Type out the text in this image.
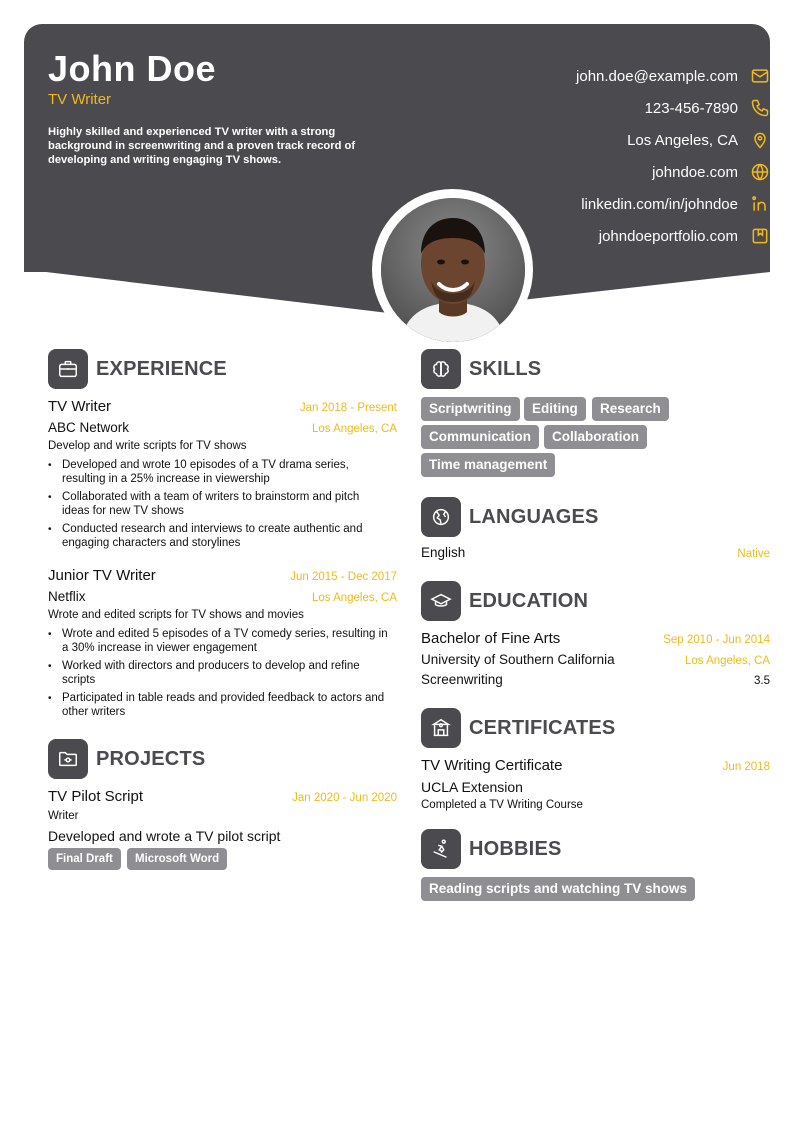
John Doe
TV Writer
Highly skilled and experienced TV writer with a strong background in screenwriting and a proven track record of developing and writing engaging TV shows.
john.doe@example.com
123-456-7890
Los Angeles, CA
johndoe.com
linkedin.com/in/johndoe
johndoeportfolio.com
EXPERIENCE
TV Writer	Jan 2018 - Present
ABC Network	Los Angeles, CA
Develop and write scripts for TV shows
• Developed and wrote 10 episodes of a TV drama series, resulting in a 25% increase in viewership
• Collaborated with a team of writers to brainstorm and pitch ideas for new TV shows
• Conducted research and interviews to create authentic and engaging characters and storylines
Junior TV Writer	Jun 2015 - Dec 2017
Netflix	Los Angeles, CA
Wrote and edited scripts for TV shows and movies
• Wrote and edited 5 episodes of a TV comedy series, resulting in a 30% increase in viewer engagement
• Worked with directors and producers to develop and refine scripts
• Participated in table reads and provided feedback to actors and other writers
PROJECTS
TV Pilot Script	Jan 2020 - Jun 2020
Writer
Developed and wrote a TV pilot script
Final Draft	Microsoft Word
SKILLS
Scriptwriting	Editing	Research
Communication	Collaboration
Time management
LANGUAGES
English	Native
EDUCATION
Bachelor of Fine Arts	Sep 2010 - Jun 2014
University of Southern California	Los Angeles, CA
Screenwriting	3.5
CERTIFICATES
TV Writing Certificate	Jun 2018
UCLA Extension
Completed a TV Writing Course
HOBBIES
Reading scripts and watching TV shows
